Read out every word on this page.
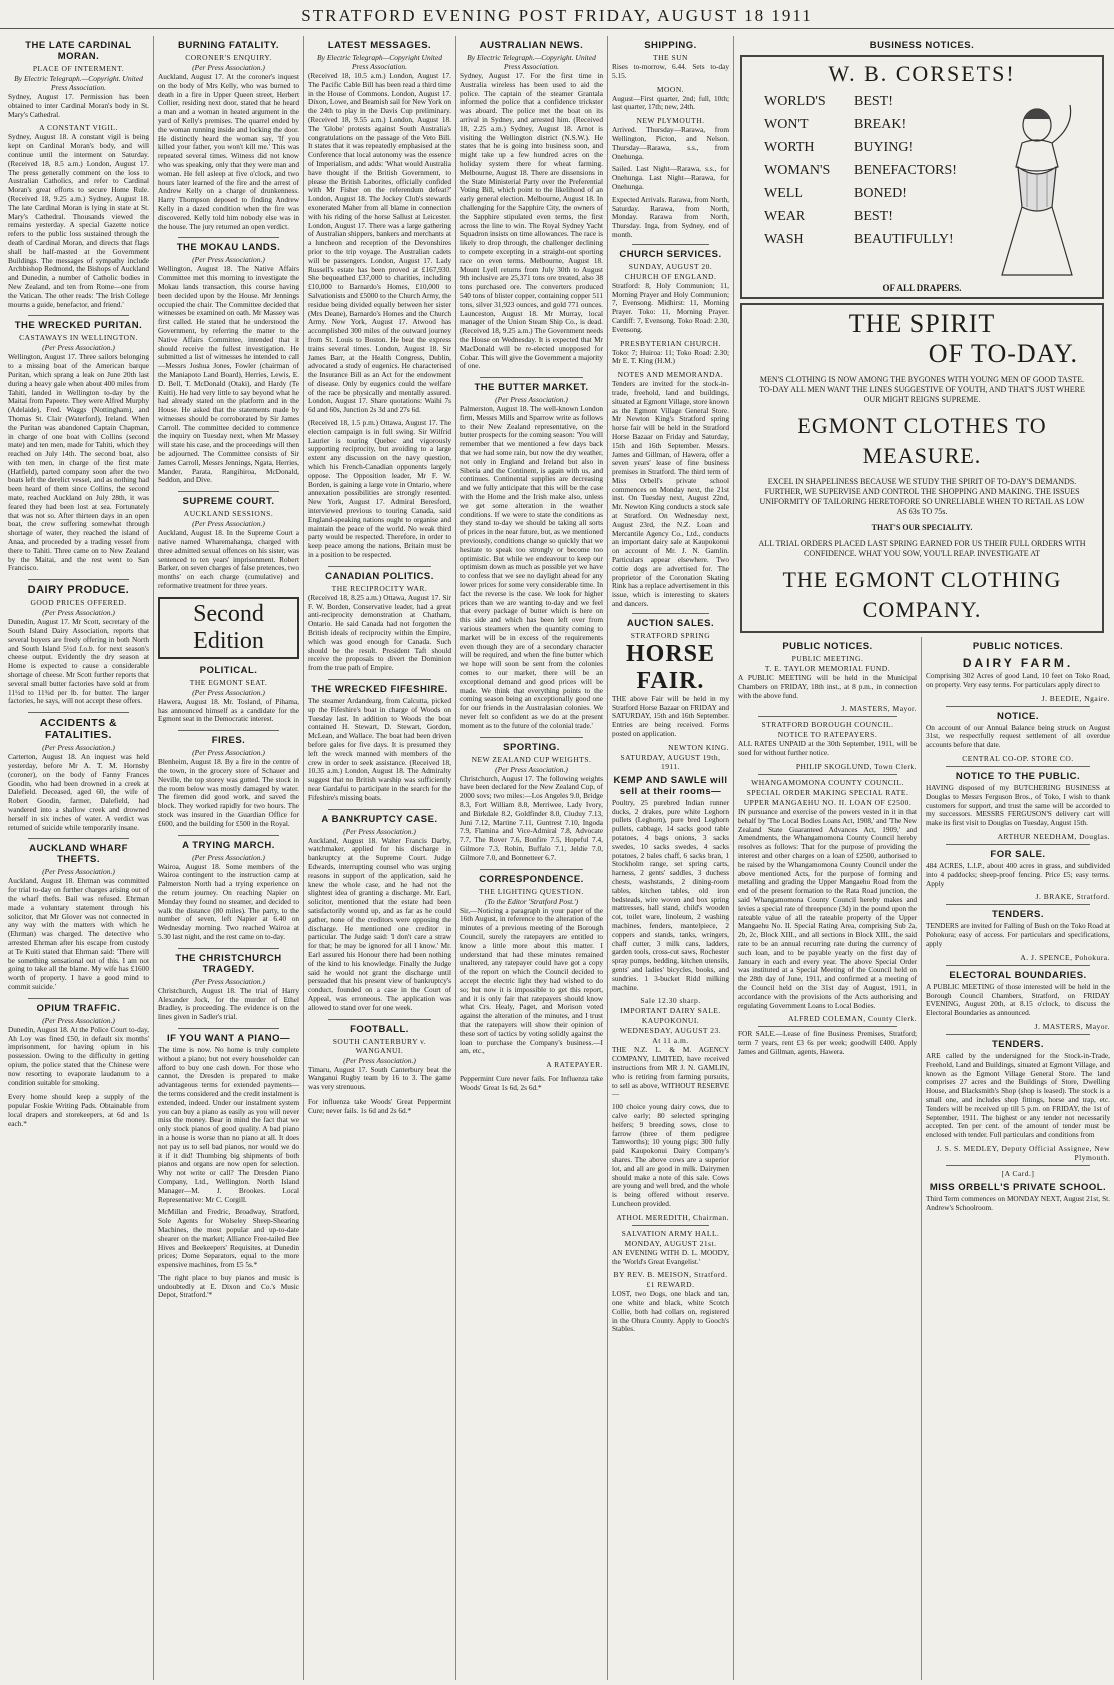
STRATFORD EVENING POST FRIDAY, AUGUST 18 1911
THE LATE CARDINAL MORAN.
PLACE OF INTERMENT.
By Electric Telegraph.—Copyright. United Press Association.

Sydney, August 17. Permission has been obtained to inter Cardinal Moran's body in St. Mary's Cathedral.

A CONSTANT VIGIL.

Sydney, August 18. A constant vigil is being kept on Cardinal Moran's body, and will continue until the interment on Saturday. (Received 18, 8.5 a.m.) London, August 17. The press generally comment on the loss to Australian Catholics, and refer to Cardinal Moran's great efforts to secure Home Rule. (Received 18, 9.25 a.m.) Sydney, August 18. The late Cardinal Moran is lying in state at St. Mary's Cathedral. Thousands viewed the remains yesterday. A special Gazette notice refers to the public loss sustained through the death of Cardinal Moran, and directs that flags shall be half-masted at the Government Buildings. The messages of sympathy include Archbishop Redmond, the Bishops of Auckland and Dunedin, a number of Catholic bodies in New Zealand, and ten from Rome—one from the Vatican. The other reads: 'The Irish College mourns a guide, benefactor, and friend.'

THE WRECKED PURITAN.
CASTAWAYS IN WELLINGTON.
(Per Press Association.)

Wellington, August 17. Three sailors belonging to a missing boat of the American barque Puritan, which sprang a leak on June 20th last during a heavy gale when about 400 miles from Tahiti, landed in Wellington to-day by the Maitai from Papeete. They were Alfred Murphy (Adelaide), Fred. Waggs (Nottingham), and Thomas St. Clair (Waterford), Ireland. When the Puritan was abandoned Captain Chapman, in charge of one boat with Collins (second mate) and ten men, made for Tahiti, which they reached on July 14th. The second boat, also with ten men, in charge of the first mate (Hatfield), parted company soon after the two boats left the derelict vessel, and as nothing had been heard of them since Collins, the second mate, reached Auckland on July 28th, it was feared they had been lost at sea. Fortunately that was not so. After thirteen days in an open boat, the crew suffering somewhat through shortage of water, they reached the island of Anaa, and proceeded by a trading vessel from there to Tahiti. Three came on to New Zealand by the Maitai, and the rest went to San Francisco.

DAIRY PRODUCE.
GOOD PRICES OFFERED.
(Per Press Association.)

Dunedin, August 17. Mr Scott, secretary of the South Island Dairy Association, reports that several buyers are freely offering in both North and South Island 5½d f.o.b. for next season's cheese output. Evidently the dry season at Home is expected to cause a considerable shortage of cheese. Mr Scott further reports that several small butter factories have sold at from 11½d to 11¾d per lb. for butter. The larger factories, he says, will not accept these offers.

ACCIDENTS & FATALITIES.
(Per Press Association.)

Carterton, August 18. An inquest was held yesterday, before Mr A. T. M. Hornsby (coroner), on the body of Fanny Frances Goodin, who had been drowned in a creek at Dalefield. Deceased, aged 60, the wife of Robert Goodin, farmer, Dalefield, had wandered into a shallow creek and drowned herself in six inches of water. A verdict was returned of suicide while temporarily insane.

AUCKLAND WHARF THEFTS.
(Per Press Association.)

Auckland, August 18. Ehrman was committed for trial to-day on further charges arising out of the wharf thefts. Bail was refused. Ehrman made a voluntary statement through his solicitor, that Mr Glover was not connected in any way with the matters with which he (Ehrman) was charged. The detective who arrested Ehrman after his escape from custody at Te Kuiti stated that Ehrman said: 'There will be something sensational out of this. I am not going to take all the blame. My wife has £1600 worth of property. I have a good mind to commit suicide.'

OPIUM TRAFFIC.
(Per Press Association.)

Dunedin, August 18. At the Police Court to-day, Ah Loy was fined £50, in default six months' imprisonment, for having opium in his possession. Owing to the difficulty in getting opium, the police stated that the Chinese were now resorting to evaporate laudanum to a condition suitable for smoking.

Every home should keep a supply of the popular Foskie Writing Pads. Obtainable from local drapers and storekeepers, at 6d and 1s each.*

BURNING FATALITY.
CORONER'S ENQUIRY.
(Per Press Association.)

Auckland, August 17. At the coroner's inquest on the body of Mrs Kelly, who was burned to death in a fire in Upper Queen street, Herbert Collier, residing next door, stated that he heard a man and a woman in heated argument in the yard of Kelly's premises. The quarrel ended by the woman running inside and locking the door. He distinctly heard the woman say, 'If you killed your father, you won't kill me.' This was repeated several times. Witness did not know who was speaking, only that they were man and woman. He fell asleep at five o'clock, and two hours later learned of the fire and the arrest of Andrew Kelly on a charge of drunkenness. Harry Thompson deposed to finding Andrew Kelly in a dazed condition when the fire was discovered. Kelly told him nobody else was in the house. The jury returned an open verdict.

THE MOKAU LANDS.
(Per Press Association.)

Wellington, August 18. The Native Affairs Committee met this morning to investigate the Mokau lands transaction, this course having been decided upon by the House. Mr Jennings occupied the chair. The Committee decided that witnesses be examined on oath. Mr Massey was first called. He stated that he understood the Government, by referring the matter to the Native Affairs Committee, intended that it should receive the fullest investigation. He submitted a list of witnesses he intended to call—Messrs Joshua Jones, Fowler (chairman of the Maniapoto Land Board), Herries, Lewis, E. D. Bell, T. McDonald (Otaki), and Hardy (Te Kuiti). He had very little to say beyond what he had already stated on the platform and in the House. He asked that the statements made by witnesses should be corroborated by Sir James Carroll. The committee decided to commence the inquiry on Tuesday next, when Mr Massey will state his case, and the proceedings will then be adjourned. The Committee consists of Sir James Carroll, Messrs Jennings, Ngata, Herries, Mander, Parata, Rangihiroa, McDonald, Seddon, and Dive.

SUPREME COURT.
AUCKLAND SESSIONS.
(Per Press Association.)

Auckland, August 18. In the Supreme Court a native named Wharemahanga, charged with three admitted sexual offences on his sister, was sentenced to ten years' imprisonment. Robert Barker, on seven charges of false pretences, two months' on each charge (cumulative) and reformative treatment for three years.

Second Edition
POLITICAL.
THE EGMONT SEAT.
(Per Press Association.)

Hawera, August 18. Mr. Tosland, of Pihama, has announced himself as a candidate for the Egmont seat in the Democratic interest.

FIRES.
(Per Press Association.)

Blenheim, August 18. By a fire in the centre of the town, in the grocery store of Schauer and Neville, the top storey was gutted. The stock in the room below was mostly damaged by water. The firemen did good work, and saved the block. They worked rapidly for two hours. The stock was insured in the Guardian Office for £600, and the building for £500 in the Royal.

A TRYING MARCH.
(Per Press Association.)

Wairoa, August 18. Some members of the Wairoa contingent to the instruction camp at Palmerston North had a trying experience on the return journey. On reaching Napier on Monday they found no steamer, and decided to walk the distance (80 miles). The party, to the number of seven, left Napier at 6.40 on Wednesday morning. Two reached Wairoa at 5.30 last night, and the rest came on to-day.

THE CHRISTCHURCH TRAGEDY.
(Per Press Association.)

Christchurch, August 18. The trial of Harry Alexander Jock, for the murder of Ethel Bradley, is proceeding. The evidence is on the lines given in Sadler's trial.

IF YOU WANT A PIANO—

The time is now. No home is truly complete without a piano; but not every householder can afford to buy one cash down. For those who cannot, the Dresden is prepared to make advantageous terms for extended payments—the terms considered and the credit instalment is extended, indeed. Under our instalment system you can buy a piano as easily as you will never miss the money. Bear in mind the fact that we only stock pianos of good quality. A bad piano in a house is worse than no piano at all. It does not pay us to sell bad pianos, nor would we do it if it did! Thumbing big shipments of both pianos and organs are now open for selection. Why not write or call? The Dresden Piano Company, Ltd., Wellington. North Island Manager—M. J. Brookes. Local Representative: Mr C. Corgill.

McMillan and Fredric, Broadway, Stratford, Sole Agents for Wolseley Sheep-Shearing Machines, the most popular and up-to-date shearer on the market; Alliance Free-tailed Bee Hives and Beekeepers' Requisites, at Dunedin prices; Dome Separators, equal to the more expensive machines, from £5 5s.*

'The right place to buy pianos and music is undoubtedly at E. Dixon and Co.'s Music Depot, Stratford.'*

LATEST MESSAGES.
By Electric Telegraph—Copyright United Press Association.

(Received 18, 10.5 a.m.) London, August 17. The Pacific Cable Bill has been read a third time in the House of Commons. London, August 17. Dixon, Lowe, and Beamish sail for New York on the 24th to play in the Davis Cup preliminary. (Received 18, 9.55 a.m.) London, August 18. The 'Globe' protests against South Australia's congratulations on the passage of the Veto Bill. It states that it was repeatedly emphasised at the Conference that local autonomy was the essence of Imperialism, and adds: 'What would Australia have thought if the British Government, to please the British Laborites, officially confided with Mr Fisher on the referendum defeat?' London, August 18. The Jockey Club's stewards exonerated Maher from all blame in connection with his riding of the horse Sallust at Leicester. London, August 17. There was a large gathering of Australian shippers, bankers and merchants at a luncheon and reception of the Devonshires prior to the trip voyage. The Australian cadets will be passengers. London, August 17. Lady Russell's estate has been proved at £167,930. She bequeathed £37,000 to charities, including £10,000 to Barnardo's Homes, £10,000 to Salvationists and £5000 to the Church Army, the residue being divided equally between her sister (Mrs Deane), Barnardo's Homes and the Church Army. New York, August 17. Atwood has accomplished 300 miles of the outward journey from St. Louis to Boston. He beat the express trains several times. London, August 18. Sir James Barr, at the Health Congress, Dublin, advocated a study of eugenics. He characterised the Insurance Bill as an Act for the endowment of disease. Only by eugenics could the welfare of the race be physically and mentally assured. London, August 17. Share quotations: Waihi 7s 6d and 60s, Junction 2s 3d and 27s 6d.

(Received 18, 1.5 p.m.) Ottawa, August 17. The election campaign is in full swing. Sir Wilfrid Laurier is touring Quebec and vigorously supporting reciprocity, but avoiding to a large extent any discussion on the navy question, which his French-Canadian opponents largely oppose. The Opposition leader, Mr F. W. Borden, is gaining a large vote in Ontario, where annexation possibilities are strongly resented. New York, August 17. Admiral Beresford, interviewed previous to touring Canada, said England-speaking nations ought to organise and maintain the peace of the world. No weak third party would be respected. Therefore, in order to keep peace among the nations, Britain must be in a position to be respected.

CANADIAN POLITICS.
THE RECIPROCITY WAR.

(Received 18, 8.25 a.m.) Ottawa, August 17. Sir F. W. Borden, Conservative leader, had a great anti-reciprocity demonstration at Chatham, Ontario. He said Canada had not forgotten the British ideals of reciprocity within the Empire, which was good enough for Canada. Such should be the result. President Taft should receive the proposals to divert the Dominion from the true path of Empire.

THE WRECKED FIFESHIRE.

The steamer Ardandearg, from Calcutta, picked up the Fifeshire's boat in charge of Woods on Tuesday last. In addition to Woods the boat contained H. Stewart, D. Stewart, Gordon, McLean, and Wallace. The boat had been driven before gales for five days. It is presumed they left the wreck manned with members of the crew in order to seek assistance. (Received 18, 10.35 a.m.) London, August 18. The Admiralty suggest that no British warship was sufficiently near Gardafui to participate in the search for the Fifeshire's missing boats.

A BANKRUPTCY CASE.
(Per Press Association.)

Auckland, August 18. Walter Francis Darby, watchmaker, applied for his discharge in bankruptcy at the Supreme Court. Judge Edwards, interrupting counsel who was urging reasons in support of the application, said he knew the whole case, and he had not the slightest idea of granting a discharge. Mr. Earl, solicitor, mentioned that the estate had been satisfactorily wound up, and as far as he could gather, none of the creditors were opposing the discharge. He mentioned one creditor in particular. The Judge said: 'I don't care a straw for that; he may be ignored for all I know.' Mr. Earl assured his Honour there had been nothing of the kind to his knowledge. Finally the Judge said he would not grant the discharge until persuaded that his present view of bankruptcy's conduct, founded on a case in the Court of Appeal, was erroneous. The application was allowed to stand over for one week.

FOOTBALL.
SOUTH CANTERBURY v. WANGANUI.
(Per Press Association.)

Timaru, August 17. South Canterbury beat the Wanganui Rugby team by 16 to 3. The game was very strenuous.

For influenza take Woods' Great Peppermint Cure; never fails. 1s 6d and 2s 6d.*

AUSTRALIAN NEWS.
By Electric Telegraph.—Copyright. United Press Association.

Sydney, August 17. For the first time in Australia wireless has been used to aid the police. The captain of the steamer Grantala informed the police that a confidence trickster was aboard. The police met the boat on its arrival in Sydney, and arrested him. (Received 18, 2.25 a.m.) Sydney, August 18. Arnot is visiting the Wellington district (N.S.W.). He states that he is going into business soon, and might take up a few hundred acres on the holiday system there for wheat farming. Melbourne, August 18. There are dissensions in the State Ministerial Party over the Preferential Voting Bill, which point to the likelihood of an early general election. Melbourne, August 18. In challenging for the Sapphire City, the owners of the Sapphire stipulated even terms, the first across the line to win. The Royal Sydney Yacht Squadron insists on time allowances. The race is likely to drop through, the challenger declining to compete excepting in a straight-out sporting race on even terms. Melbourne, August 18. Mount Lyell returns from July 30th to August 9th inclusive are 25,371 tons ore treated, also 38 tons purchased ore. The converters produced 540 tons of blister copper, containing copper 511 tons, silver 31,923 ounces, and gold 771 ounces. Launceston, August 18. Mr Murray, local manager of the Union Steam Ship Co., is dead. (Received 18, 9.25 a.m.) The Government needs the House on Wednesday. It is expected that Mr MacDonald will be re-elected unopposed for Cobar. This will give the Government a majority of one.

THE BUTTER MARKET.
(Per Press Association.)

Palmerston, August 18. The well-known London firm, Messrs Mills and Sparrow write as follows to their New Zealand representative, on the butter prospects for the coming season: 'You will remember that we mentioned a few days back that we had some rain, but now the dry weather, not only in England and Ireland but also in Siberia and the Continent, is again with us, and continues. Continental supplies are decreasing and we fully anticipate that this will be the case with the Home and the Irish make also, unless we get some alteration in the weather conditions. If we were to state the conditions as they stand to-day we should be taking all sorts of prices in the near future, but, as we mentioned previously, conditions change so quickly that we hesitate to speak too strongly or become too optimistic. But while we endeavour to keep our optimism down as much as possible yet we have to confess that we see no daylight ahead for any lower prices for some very considerable time. In fact the reverse is the case. We look for higher prices than we are wanting to-day and we feel that every package of butter which is here on this side and which has been left over from various steamers when the quantity coming to market will be in excess of the requirements even though they are of a secondary character will be required, and when the fine butter which we hope will soon be sent from the colonies comes to our market, there will be an exceptional demand and good prices will be made. We think that everything points to the coming season being an exceptionally good one for our friends in the Australasian colonies. We never felt so confident as we do at the present moment as to the future of the colonial trade.'

SPORTING.
NEW ZEALAND CUP WEIGHTS.
(Per Press Association.)

Christchurch, August 17. The following weights have been declared for the New Zealand Cup, of 2000 sovs; two miles:—Los Angeles 9.0, Bridge 8.3, Fort William 8.8, Merriwee, Lady Ivory, and Birkdale 8.2, Goldfinder 8.0, Ciuduy 7.13, Juni 7.12, Martine 7.11, Guntrest 7.10, Ingoda 7.9, Flamina and Vice-Admiral 7.8, Advocate 7.7, The Rover 7.6, Bonfire 7.5, Hopeful 7.4, Gilmore 7.3, Robin, Buffalo 7.1, Jeldie 7.0, Gilmore 7.0, and Bonnetteer 6.7.

CORRESPONDENCE.
THE LIGHTING QUESTION.
(To the Editor 'Stratford Post.')

Sir,—Noticing a paragraph in your paper of the 16th August, in reference to the alteration of the minutes of a previous meeting of the Borough Council, surely the ratepayers are entitled to know a little more about this matter. I understand that had these minutes remained unaltered, any ratepayer could have got a copy of the report on which the Council decided to accept the electric light they had wished to do so; but now it is impossible to get this report, and it is only fair that ratepayers should know what Crs. Healy, Paget, and Morison voted against the alteration of the minutes, and I trust that the ratepayers will show their opinion of these sort of tactics by voting solidly against the loan to purchase the Company's business.—I am, etc.,

A RATEPAYER.

Peppermint Cure never fails. For Influenza take Woods' Great 1s 6d, 2s 6d.*

SHIPPING.
THE SUN

Rises to-morrow, 6.44. Sets to-day 5.15.

MOON.

August—First quarter, 2nd; full, 10th; last quarter, 17th; new, 24th.

NEW PLYMOUTH.

Arrived. Thursday—Rarawa, from Wellington, Picton, and Nelson. Thursday—Rarawa, s.s., from Onehunga.

Sailed. Last Night—Rarawa, s.s., for Onehunga. Last Night—Rarawa, for Onehunga.

Expected Arrivals. Rarawa, from North, Saturday. Rarawa, from North, Monday. Rarawa from North, Thursday. Inga, from Sydney, end of month.

CHURCH SERVICES.
SUNDAY, AUGUST 20.
CHURCH OF ENGLAND.

Stratford: 8, Holy Communion; 11, Morning Prayer and Holy Communion; 7, Evensong. Midhirst: 11, Morning Prayer. Toko: 11, Morning Prayer. Cardiff: 7, Evensong. Toko Road: 2.30, Evensong.

PRESBYTERIAN CHURCH.

Toko: 7; Huiroa: 11; Toko Road: 2.30; Mr E. T. King (H.M.)

NOTES AND MEMORANDA.

Tenders are invited for the stock-in-trade, freehold, land and buildings, situated at Egmont Village, store known as the Egmont Village General Store. Mr Newton King's Stratford spring horse fair will be held in the Stratford Horse Bazaar on Friday and Saturday, 15th and 16th September. Messrs. James and Gillman, of Hawera, offer a seven years' lease of fine business premises in Stratford. The third term of Miss Orbell's private school commences on Monday next, the 21st inst. On Tuesday next, August 22nd, Mr. Newton King conducts a stock sale at Stratford. On Wednesday next, August 23rd, the N.Z. Loan and Mercantile Agency Co., Ltd., conducts an important dairy sale at Kaupokonui on account of Mr. J. N. Gamlin. Particulars appear elsewhere. Two cottie dogs are advertised for. The proprietor of the Coronation Skating Rink has a replace advertisement in this issue, which is interesting to skaters and dancers.

AUCTION SALES.
STRATFORD SPRING
HORSE FAIR.

THE above Fair will be held in my Stratford Horse Bazaar on FRIDAY and SATURDAY, 15th and 16th September. Entries are being received. Forms posted on application.

NEWTON KING.
SATURDAY, AUGUST 19th, 1911.
KEMP AND SAWLE will sell at their rooms—

Poultry, 25 purebred Indian runner ducks, 2 drakes, pure white Leghorn pullets (Leghorn), pure bred Leghorn pullets, cabbage, 14 sacks good table potatoes, 4 bags onions, 3 sacks swedes, 10 sacks swedes, 4 sacks potatoes, 2 bales chaff, 6 sacks bran, 1 Stockholm range, set spring carts, harness, 2 gents' saddles, 3 duchess chests, washstands, 2 dining-room tables, kitchen tables, old iron bedsteads, wire woven and box spring mattresses, hall stand, child's wooden cot, toilet ware, linoleum, 2 washing machines, fenders, mantelpiece, 2 coppers and stands, tanks, wringers, chaff cutter, 3 milk cans, ladders, garden tools, cross-cut saws, Rochester spray pumps, bedding, kitchen utensils, gents' and ladies' bicycles, books, and sundries. 1 3-bucket Ridd milking machine.

Sale 12.30 sharp.
IMPORTANT DAIRY SALE.
KAUPOKONUI.
WEDNESDAY, AUGUST 23.
At 11 a.m.

THE N.Z. L. & M. AGENCY COMPANY, LIMITED, have received instructions from MR J. N. GAMLIN, who is retiring from farming pursuits, to sell as above, WITHOUT RESERVE—

100 choice young dairy cows, due to calve early; 80 selected springing heifers; 9 breeding sows, close to farrow (three of them pedigree Tamworths); 10 young pigs; 300 fully paid Kaupokonui Dairy Company's shares. The above cows are a superior lot, and all are good in milk. Dairymen should make a note of this sale. Cows are young and well bred, and the whole is being offered without reserve. Luncheon provided.

ATHOL MEREDITH, Chairman.
SALVATION ARMY HALL.
MONDAY, AUGUST 21st.

AN EVENING WITH D. L. MOODY, the 'World's Great Evangelist.'

BY REV. B. MEISON, Stratford.
£1 REWARD.

LOST, two Dogs, one black and tan, one white and black, white Scotch Collie, both had collars on, registered in the Ohura County. Apply to Gooch's Stables.

BUSINESS NOTICES.
W. B. CORSETS!
WORLD'S BEST!
WON'T	BREAK!
WORTH	BUYING!
WOMAN'S BENEFACTORS!
WELL	BONED!
WEAR	BEST!
WASH	BEAUTIFULLY!
OF ALL DRAPERS.
THE SPIRIT
OF TO-DAY.
MEN'S CLOTHING IS NOW AMONG THE BYGONES WITH YOUNG MEN OF GOOD TASTE. TO-DAY ALL MEN WANT THE LINES SUGGESTIVE OF YOUTH, AND THAT'S JUST WHERE OUR MIGHT REIGNS SUPREME.
EGMONT CLOTHES TO
MEASURE.
EXCEL IN SHAPELINESS BECAUSE WE STUDY THE SPIRIT OF TO-DAY'S DEMANDS. FURTHER, WE SUPERVISE AND CONTROL THE SHOPPING AND MAKING. THE ISSUES UNIFORMITY OF TAILORING HERETOFORE SO UNRELIABLE WHEN TO RETAIL AS LOW AS 63s TO 75s.
THAT'S OUR SPECIALITY.
ALL TRIAL ORDERS PLACED LAST SPRING EARNED FOR US THEIR FULL ORDERS WITH CONFIDENCE. WHAT YOU SOW, YOU'LL REAP. INVESTIGATE AT
THE EGMONT CLOTHING
COMPANY.
PUBLIC NOTICES.
PUBLIC MEETING.
T. E. TAYLOR MEMORIAL FUND.

A PUBLIC MEETING will be held in the Municipal Chambers on FRIDAY, 18th inst., at 8 p.m., in connection with the above fund.

J. MASTERS, Mayor.
STRATFORD BOROUGH COUNCIL.
NOTICE TO RATEPAYERS.

ALL RATES UNPAID at the 30th September, 1911, will be sued for without further notice.

PHILIP SKOGLUND, Town Clerk.
WHANGAMOMONA COUNTY COUNCIL.
SPECIAL ORDER MAKING SPECIAL RATE.
UPPER MANGAEHU NO. II. LOAN OF £2500.

IN pursuance and exercise of the powers vested in it in that behalf by 'The Local Bodies Loans Act, 1908,' and 'The New Zealand State Guaranteed Advances Act, 1909,' and Amendments, the Whangamomona County Council hereby resolves as follows: That for the purpose of providing the interest and other charges on a loan of £2500, authorised to be raised by the Whangamomona County Council under the above mentioned Acts, for the purpose of forming and metalling and grading the Upper Mangaehu Road from the end of the present formation to the Rata Road junction, the said Whangamomona County Council hereby makes and levies a special rate of threepence (3d) in the pound upon the rateable value of all the rateable property of the Upper Mangaehu No. II. Special Rating Area, comprising Sub 2a, 2b, 2c, Block XIII., and all sections in Block XIII., the said rate to be an annual recurring rate during the currency of such loan, and to be payable yearly on the first day of January in each and every year. The above Special Order was instituted at a Special Meeting of the Council held on the 28th day of June, 1911, and confirmed at a meeting of the Council held on the 31st day of August, 1911, in accordance with the provisions of the Acts authorising and regulating Government Loans to Local Bodies.

ALFRED COLEMAN, County Clerk.

FOR SALE.—Lease of fine Business Premises, Stratford; term 7 years, rent £3 6s per week; goodwill £400. Apply James and Gillman, agents, Hawera.

PUBLIC NOTICES.
DAIRY FARM.

Comprising 302 Acres of good Land, 10 feet on Toko Road, on property. Very easy terms. For particulars apply direct to

J. BEEDIE, Ngaire.
NOTICE.

On account of our Annual Balance being struck on August 31st, we respectfully request settlement of all overdue accounts before that date.

CENTRAL CO-OP. STORE CO.
NOTICE TO THE PUBLIC.

HAVING disposed of my BUTCHERING BUSINESS at Douglas to Messrs Ferguson Bros., of Toko, I wish to thank customers for support, and trust the same will be accorded to my successors. MESSRS FERGUSON'S delivery cart will make its first visit to Douglas on Tuesday, August 15th.

ARTHUR NEEDHAM, Douglas.
FOR SALE.

484 ACRES, L.I.P., about 400 acres in grass, and subdivided into 4 paddocks; sheep-proof fencing. Price £5; easy terms. Apply

J. BRAKE, Stratford.
TENDERS.

TENDERS are invited for Falling of Bush on the Toko Road at Pohokura; easy of access. For particulars and specifications, apply

A. J. SPENCE, Pohokura.
ELECTORAL BOUNDARIES.

A PUBLIC MEETING of those interested will be held in the Borough Council Chambers, Stratford, on FRIDAY EVENING, August 20th, at 8.15 o'clock, to discuss the Electoral Boundaries as announced.

J. MASTERS, Mayor.
TENDERS.

ARE called by the undersigned for the Stock-in-Trade, Freehold, Land and Buildings, situated at Egmont Village, and known as the Egmont Village General Store. The land comprises 27 acres and the Buildings of Store, Dwelling House, and Blacksmith's Shop (shop is leased). The stock is a small one, and includes shop fittings, horse and trap, etc. Tenders will be received up till 5 p.m. on FRIDAY, the 1st of September, 1911. The highest or any tender not necessarily accepted. Ten per cent. of the amount of tender must be enclosed with tender. Full particulars and conditions from

J. S. S. MEDLEY, Deputy Official Assignee, New Plymouth.
[A Card.]
MISS ORBELL'S PRIVATE SCHOOL.

Third Term commences on MONDAY NEXT, August 21st, St. Andrew's Schoolroom.
